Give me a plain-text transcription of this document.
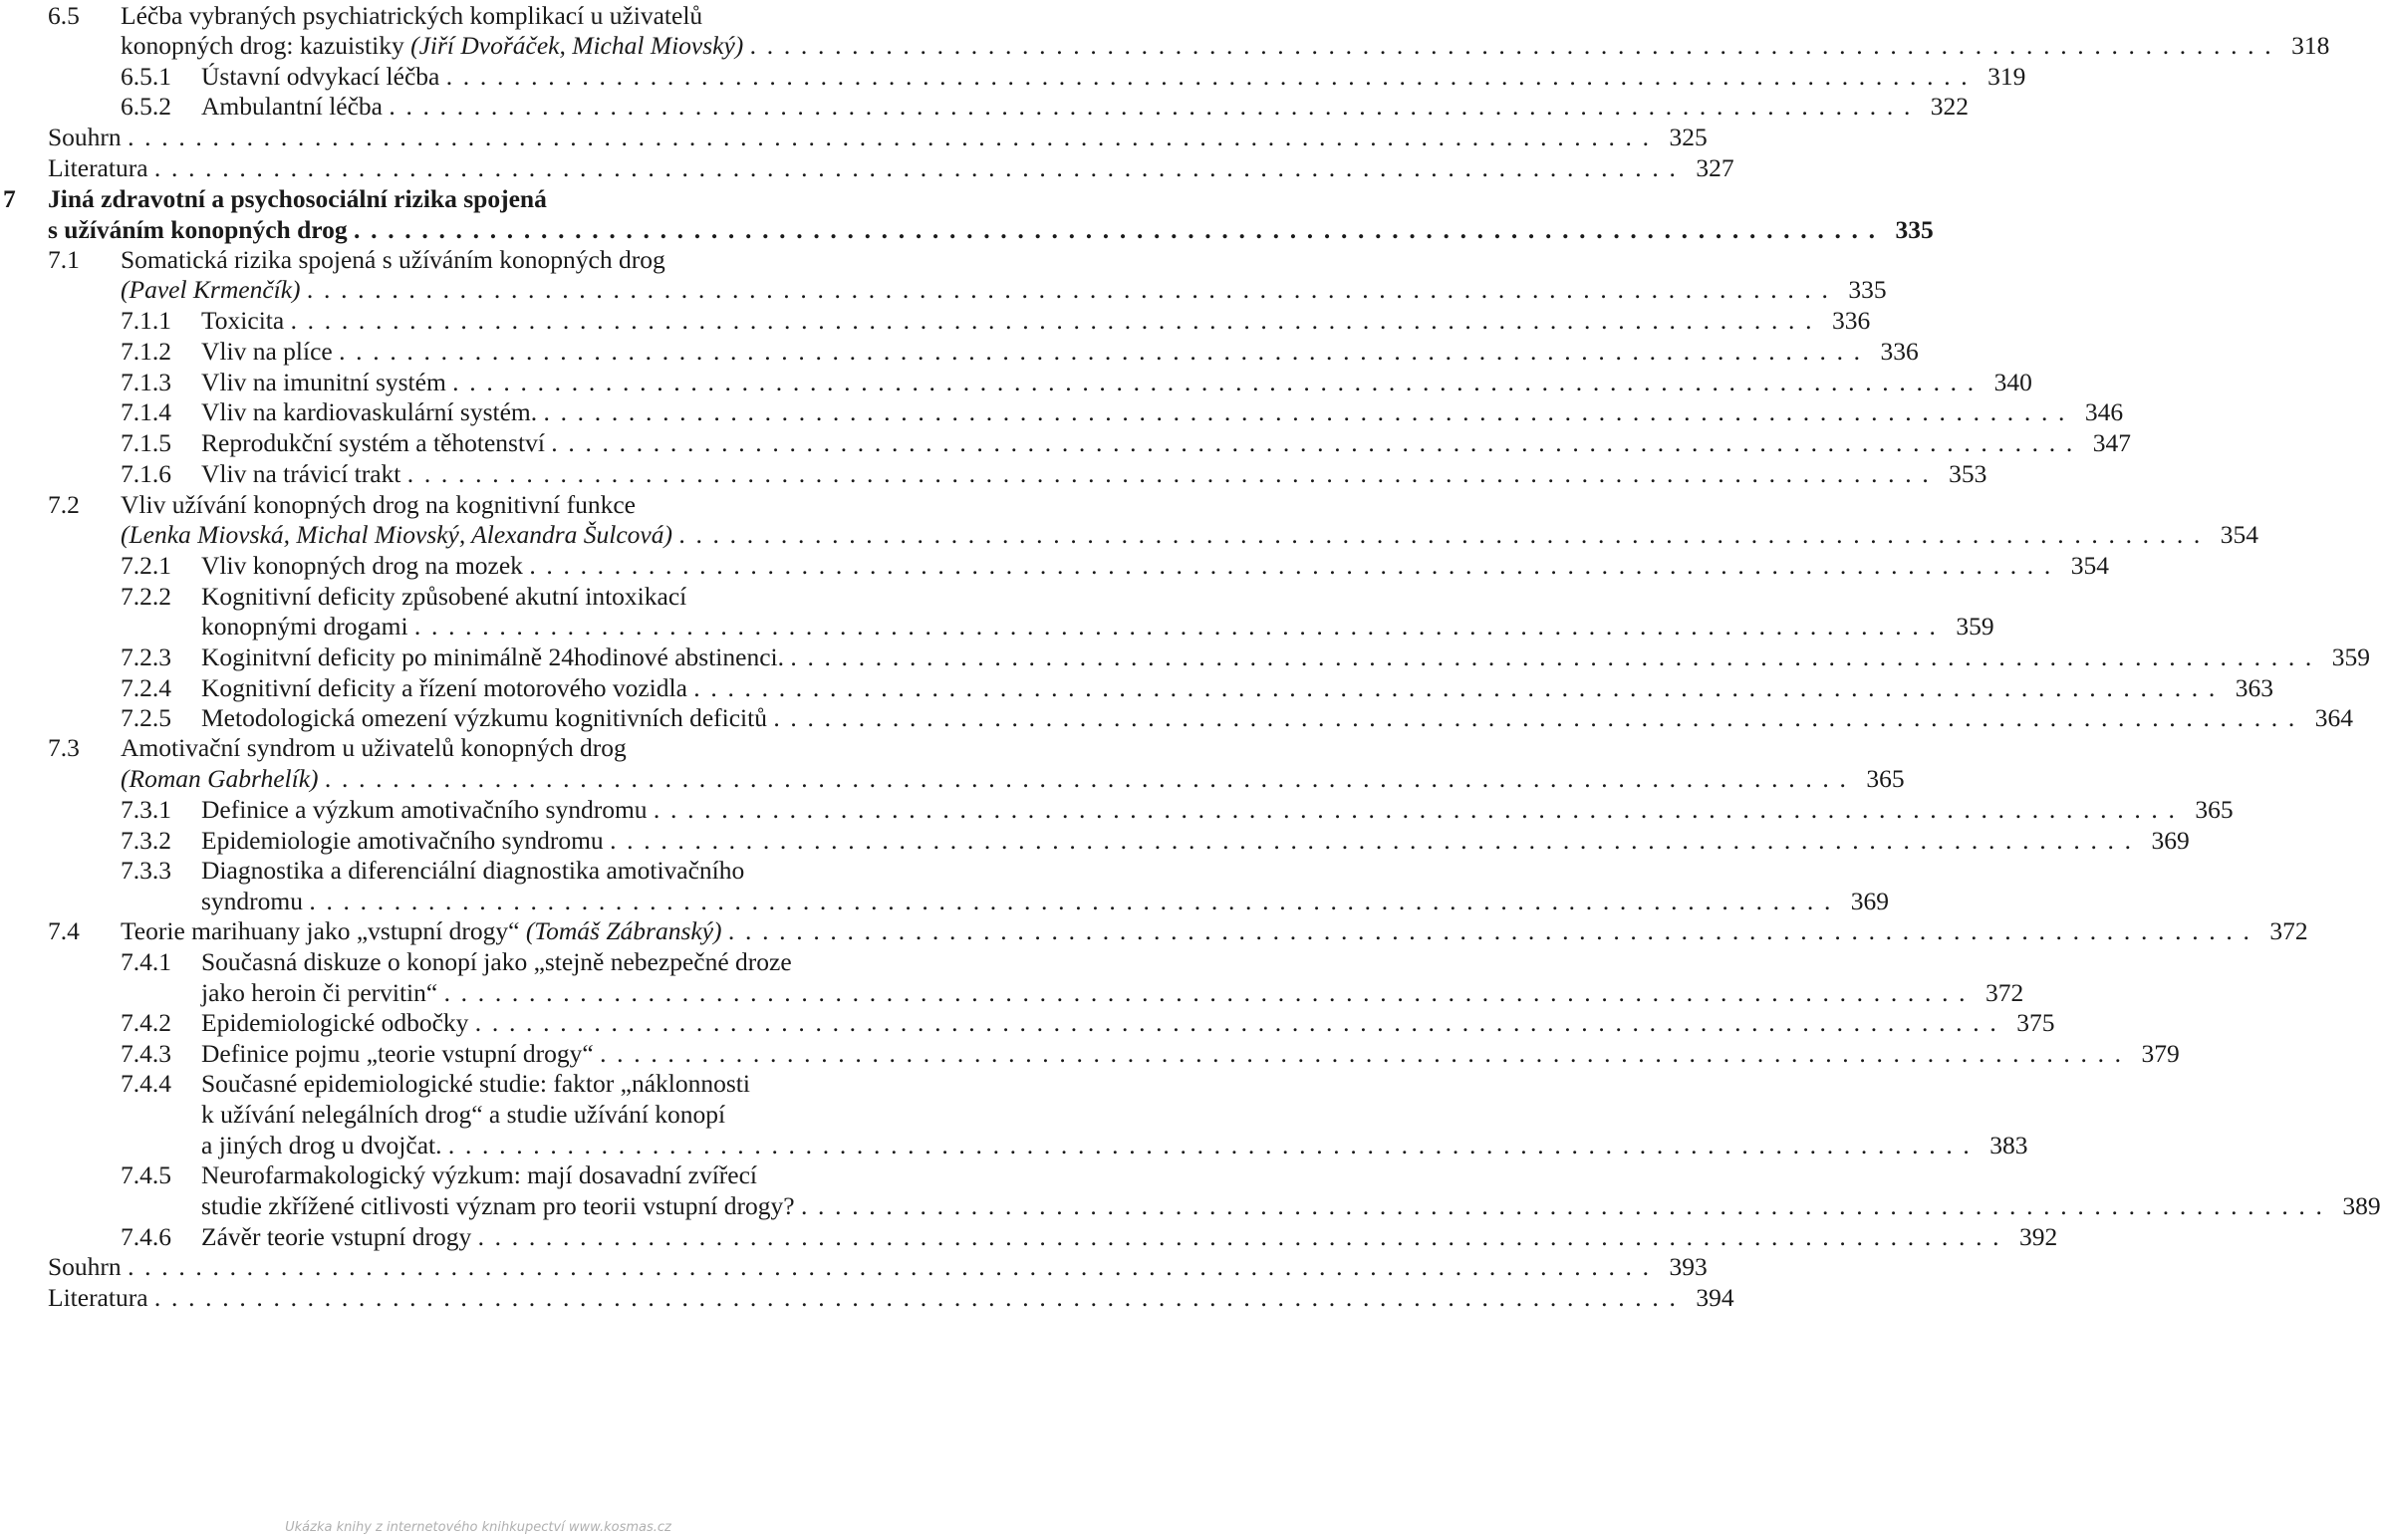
6.5 Léčba vybraných psychiatrických komplikací u uživatelů
konopných drog: kazuistiky (Jiří Dvořáček, Michal Miovský) .......................................................................................... 318
6.5.1 Ústavní odvykací léčba .......................................................................................... 319
6.5.2 Ambulantní léčba .......................................................................................... 322
Souhrn .......................................................................................... 325
Literatura .......................................................................................... 327
7 Jiná zdravotní a psychosociální rizika spojená
s užíváním konopných drog .......................................................................................... 335
7.1 Somatická rizika spojená s užíváním konopných drog
(Pavel Krmenčík) .......................................................................................... 335
7.1.1 Toxicita .......................................................................................... 336
7.1.2 Vliv na plíce .......................................................................................... 336
7.1.3 Vliv na imunitní systém .......................................................................................... 340
7.1.4 Vliv na kardiovaskulární systém. .......................................................................................... 346
7.1.5 Reprodukční systém a těhotenství .......................................................................................... 347
7.1.6 Vliv na trávicí trakt .......................................................................................... 353
7.2 Vliv užívání konopných drog na kognitivní funkce
(Lenka Miovská, Michal Miovský, Alexandra Šulcová) .......................................................................................... 354
7.2.1 Vliv konopných drog na mozek .......................................................................................... 354
7.2.2 Kognitivní deficity způsobené akutní intoxikací
konopnými drogami .......................................................................................... 359
7.2.3 Koginitvní deficity po minimálně 24hodinové abstinenci. .......................................................................................... 359
7.2.4 Kognitivní deficity a řízení motorového vozidla .......................................................................................... 363
7.2.5 Metodologická omezení výzkumu kognitivních deficitů .......................................................................................... 364
7.3 Amotivační syndrom u uživatelů konopných drog
(Roman Gabrhelík) .......................................................................................... 365
7.3.1 Definice a výzkum amotivačního syndromu .......................................................................................... 365
7.3.2 Epidemiologie amotivačního syndromu .......................................................................................... 369
7.3.3 Diagnostika a diferenciální diagnostika amotivačního
syndromu .......................................................................................... 369
7.4 Teorie marihuany jako „vstupní drogy“ (Tomáš Zábranský) .......................................................................................... 372
7.4.1 Současná diskuze o konopí jako „stejně nebezpečné droze
jako heroin či pervitin“ .......................................................................................... 372
7.4.2 Epidemiologické odbočky .......................................................................................... 375
7.4.3 Definice pojmu „teorie vstupní drogy“ .......................................................................................... 379
7.4.4 Současné epidemiologické studie: faktor „náklonnosti
k užívání nelegálních drog“ a studie užívání konopí
a jiných drog u dvojčat. .......................................................................................... 383
7.4.5 Neurofarmakologický výzkum: mají dosavadní zvířecí
studie zkřížené citlivosti význam pro teorii vstupní drogy? .......................................................................................... 389
7.4.6 Závěr teorie vstupní drogy .......................................................................................... 392
Souhrn .......................................................................................... 393
Literatura .......................................................................................... 394
Ukázka knihy z internetového knihkupectví www.kosmas.cz
